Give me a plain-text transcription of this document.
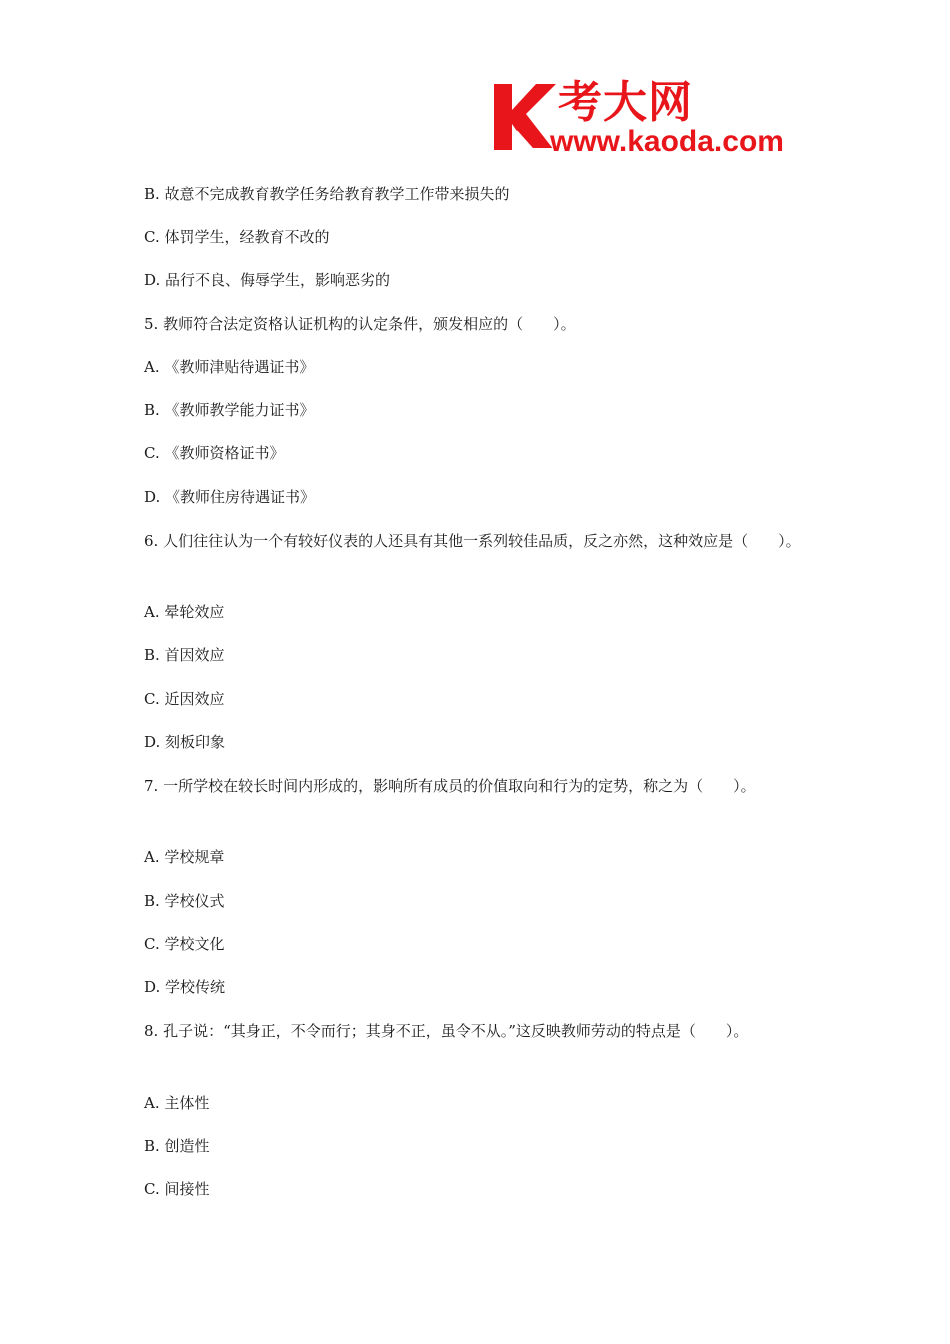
考大网
www.kaoda.com
B. 故意不完成教育教学任务给教育教学工作带来损失的
C. 体罚学生，经教育不改的
D. 品行不良、侮辱学生，影响恶劣的
5. 教师符合法定资格认证机构的认定条件，颁发相应的（　　）。
A. 《教师津贴待遇证书》
B. 《教师教学能力证书》
C. 《教师资格证书》
D. 《教师住房待遇证书》
6. 人们往往认为一个有较好仪表的人还具有其他一系列较佳品质，反之亦然，这种效应是（　　）。
A. 晕轮效应
B. 首因效应
C. 近因效应
D. 刻板印象
7. 一所学校在较长时间内形成的，影响所有成员的价值取向和行为的定势，称之为（　　）。
A. 学校规章
B. 学校仪式
C. 学校文化
D. 学校传统
8. 孔子说：“其身正，不令而行；其身不正，虽令不从。”这反映教师劳动的特点是（　　）。
A. 主体性
B. 创造性
C. 间接性
